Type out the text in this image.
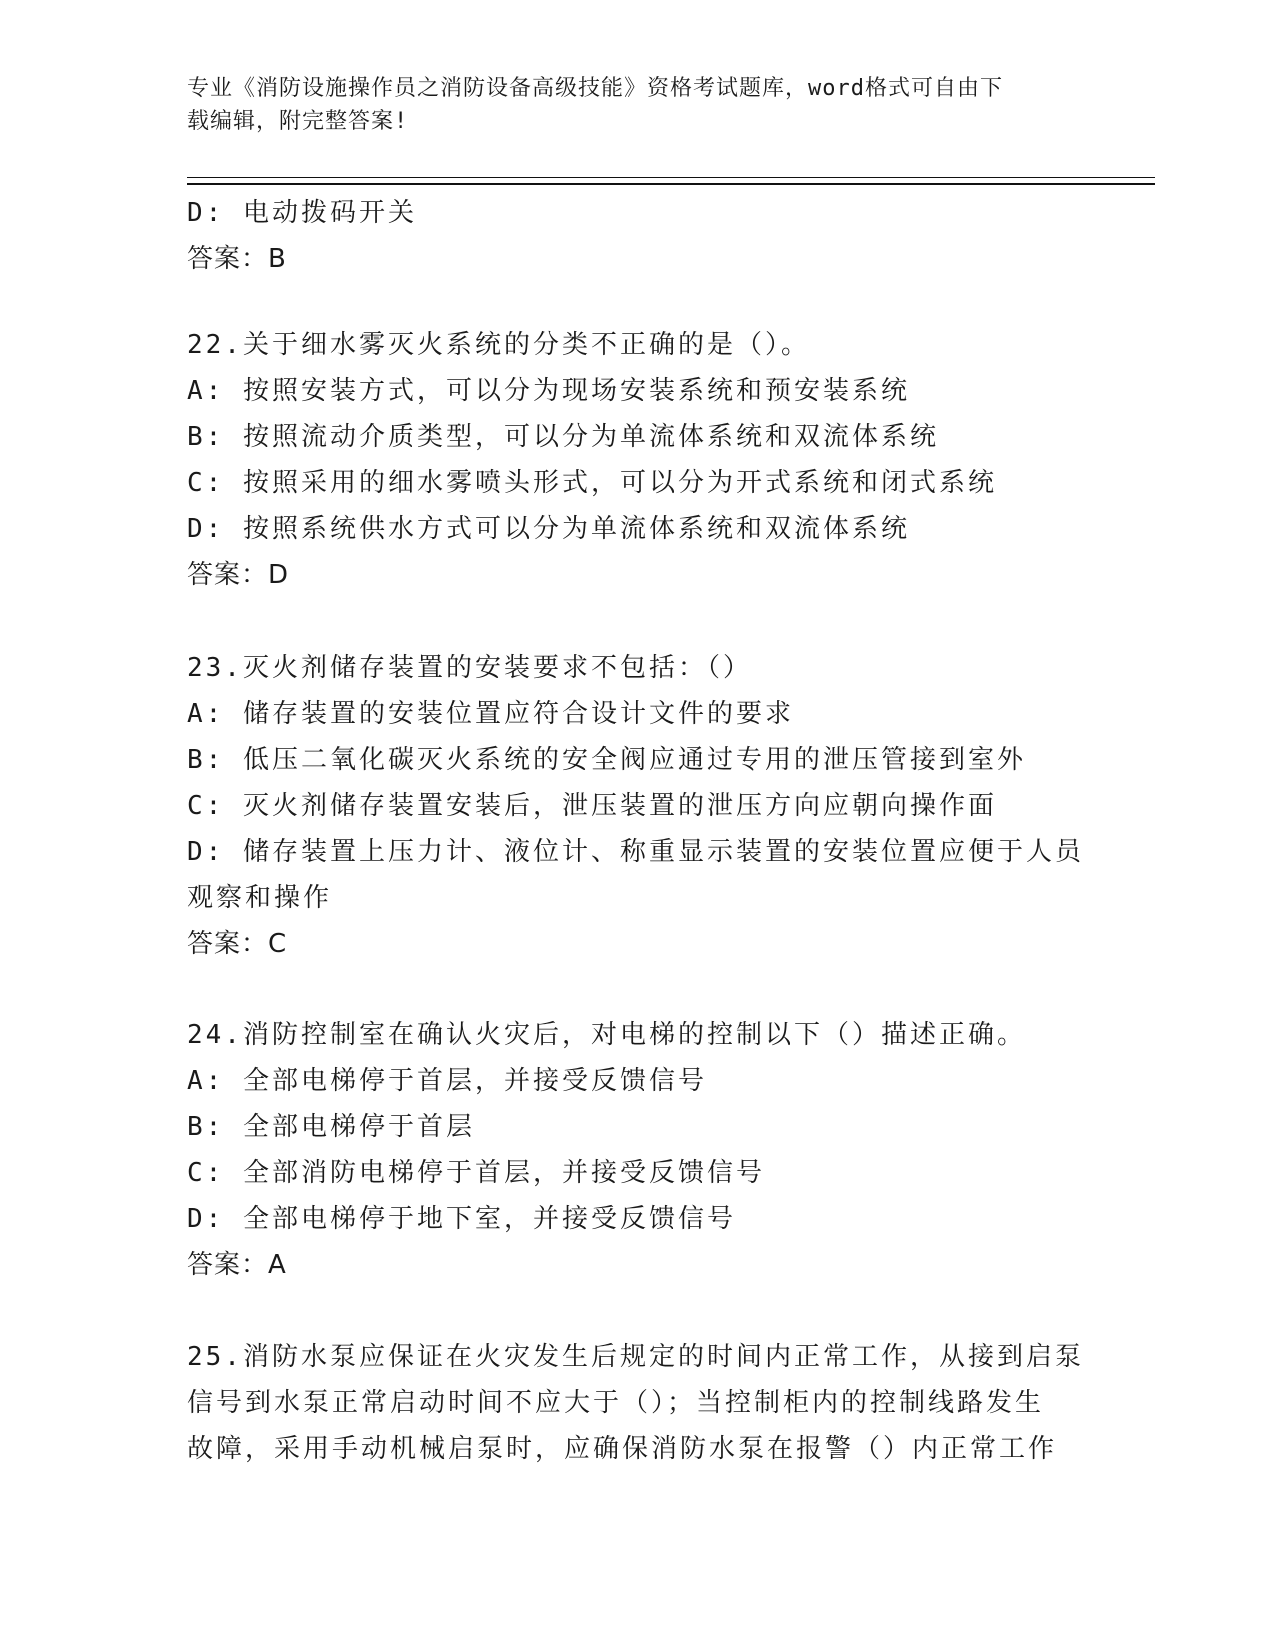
专业《消防设施操作员之消防设备高级技能》资格考试题库，word格式可自由下
载编辑，附完整答案!
D: 电动拨码开关
答案：B
22.关于细水雾灭火系统的分类不正确的是（）。
A: 按照安装方式，可以分为现场安装系统和预安装系统
B: 按照流动介质类型，可以分为单流体系统和双流体系统
C: 按照采用的细水雾喷头形式，可以分为开式系统和闭式系统
D: 按照系统供水方式可以分为单流体系统和双流体系统
答案：D
23.灭火剂储存装置的安装要求不包括：（）
A: 储存装置的安装位置应符合设计文件的要求
B: 低压二氧化碳灭火系统的安全阀应通过专用的泄压管接到室外
C: 灭火剂储存装置安装后，泄压装置的泄压方向应朝向操作面
D: 储存装置上压力计、液位计、称重显示装置的安装位置应便于人员
观察和操作
答案：C
24.消防控制室在确认火灾后，对电梯的控制以下（）描述正确。
A: 全部电梯停于首层，并接受反馈信号
B: 全部电梯停于首层
C: 全部消防电梯停于首层，并接受反馈信号
D: 全部电梯停于地下室，并接受反馈信号
答案：A
25.消防水泵应保证在火灾发生后规定的时间内正常工作，从接到启泵
信号到水泵正常启动时间不应大于（）；当控制柜内的控制线路发生
故障，采用手动机械启泵时，应确保消防水泵在报警（）内正常工作
